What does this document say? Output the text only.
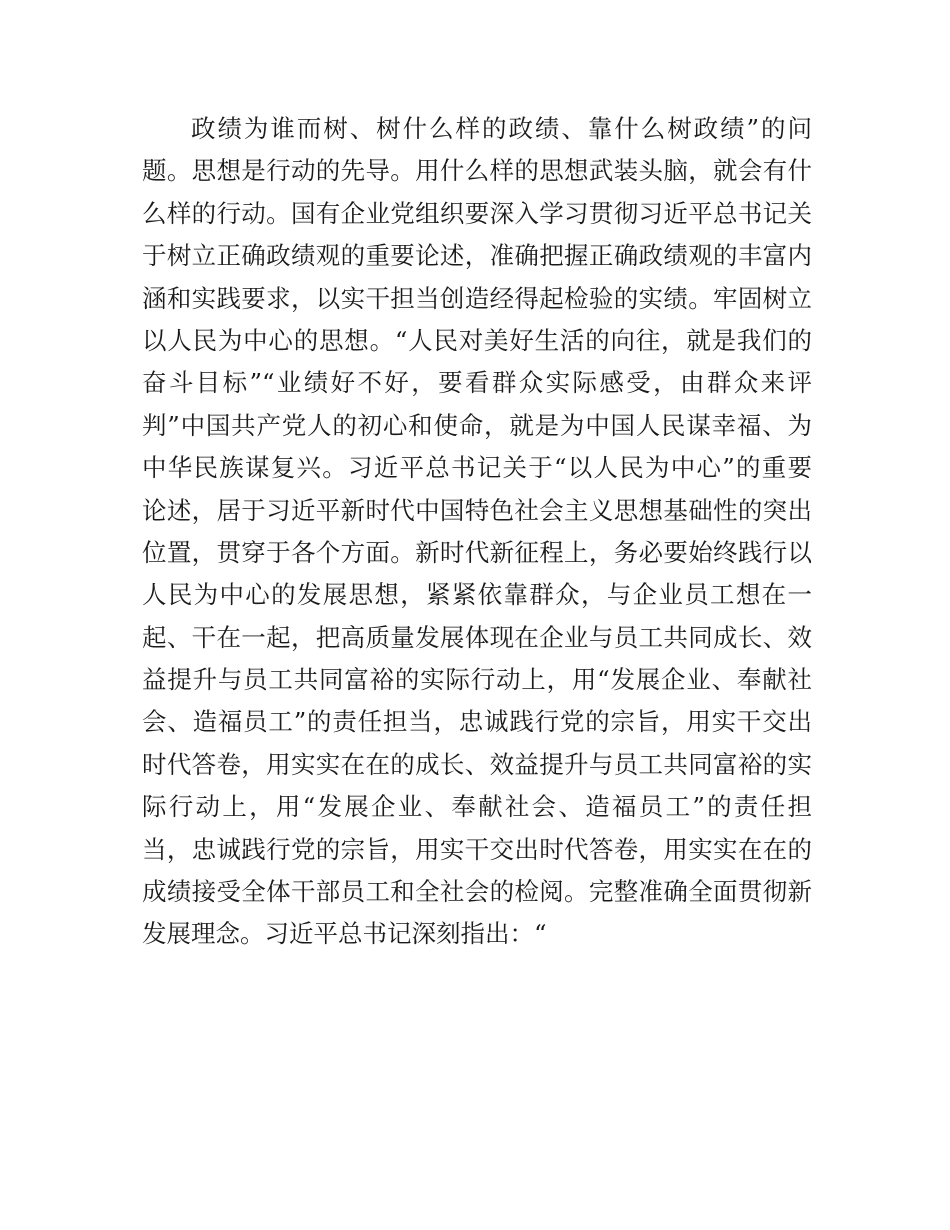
政绩为谁而树、树什么样的政绩、靠什么树政绩”的问
题。思想是行动的先导。用什么样的思想武装头脑，就会有什
么样的行动。国有企业党组织要深入学习贯彻习近平总书记关
于树立正确政绩观的重要论述，准确把握正确政绩观的丰富内
涵和实践要求，以实干担当创造经得起检验的实绩。牢固树立
以人民为中心的思想。“人民对美好生活的向往，就是我们的
奋斗目标”“业绩好不好，要看群众实际感受，由群众来评
判”中国共产党人的初心和使命，就是为中国人民谋幸福、为
中华民族谋复兴。习近平总书记关于“以人民为中心”的重要
论述，居于习近平新时代中国特色社会主义思想基础性的突出
位置，贯穿于各个方面。新时代新征程上，务必要始终践行以
人民为中心的发展思想，紧紧依靠群众，与企业员工想在一
起、干在一起，把高质量发展体现在企业与员工共同成长、效
益提升与员工共同富裕的实际行动上，用“发展企业、奉献社
会、造福员工”的责任担当，忠诚践行党的宗旨，用实干交出
时代答卷，用实实在在的成长、效益提升与员工共同富裕的实
际行动上，用“发展企业、奉献社会、造福员工”的责任担
当，忠诚践行党的宗旨，用实干交出时代答卷，用实实在在的
成绩接受全体干部员工和全社会的检阅。完整准确全面贯彻新
发展理念。习近平总书记深刻指出：“
